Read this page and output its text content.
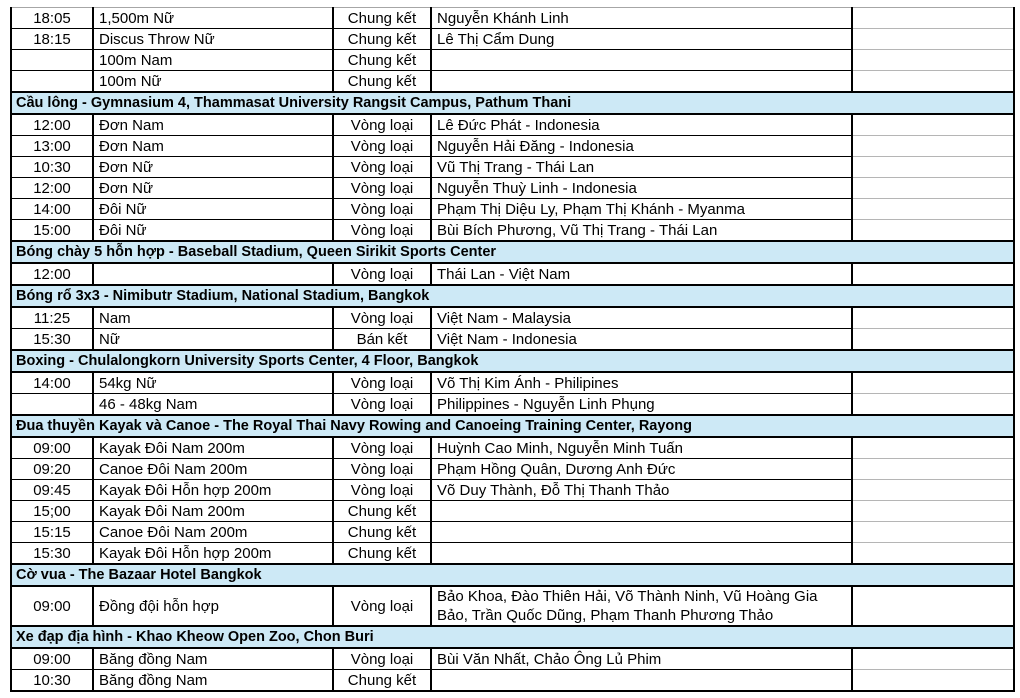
18:05	1,500m Nữ	Chung kết	Nguyễn Khánh Linh	
18:15	Discus Throw Nữ	Chung kết	Lê Thị Cẩm Dung	
	100m Nam	Chung kết		
	100m Nữ	Chung kết		
Cầu lông - Gymnasium 4, Thammasat University Rangsit Campus, Pathum Thani				
12:00	Đơn Nam	Vòng loại	Lê Đức Phát - Indonesia	
13:00	Đơn Nam	Vòng loại	Nguyễn Hải Đăng - Indonesia	
10:30	Đơn Nữ	Vòng loại	Vũ Thị Trang - Thái Lan	
12:00	Đơn Nữ	Vòng loại	Nguyễn Thuỳ Linh - Indonesia	
14:00	Đôi Nữ	Vòng loại	Phạm Thị Diệu Ly, Phạm Thị Khánh - Myanma	
15:00	Đôi Nữ	Vòng loại	Bùi Bích Phương, Vũ Thị Trang - Thái Lan	
Bóng chày 5 hỗn hợp - Baseball Stadium, Queen Sirikit Sports Center				
12:00		Vòng loại	Thái Lan - Việt Nam	
Bóng rổ 3x3 - Nimibutr Stadium, National Stadium, Bangkok				
11:25	Nam	Vòng loại	Việt Nam - Malaysia	
15:30	Nữ	Bán kết	Việt Nam - Indonesia	
Boxing - Chulalongkorn University Sports Center, 4 Floor, Bangkok				
14:00	54kg Nữ	Vòng loại	Võ Thị Kim Ánh - Philipines	
	46 - 48kg Nam	Vòng loại	Philippines - Nguyễn Linh Phụng	
Đua thuyền Kayak và Canoe - The Royal Thai Navy Rowing and Canoeing Training Center, Rayong				
09:00	Kayak Đôi Nam 200m	Vòng loại	Huỳnh Cao Minh, Nguyễn Minh Tuấn	
09:20	Canoe Đôi Nam 200m	Vòng loại	Phạm Hồng Quân, Dương Anh Đức	
09:45	Kayak Đôi Hỗn hợp 200m	Vòng loại	Võ Duy Thành, Đỗ Thị Thanh Thảo	
15;00	Kayak Đôi Nam 200m	Chung kết		
15:15	Canoe Đôi Nam 200m	Chung kết		
15:30	Kayak Đôi Hỗn hợp 200m	Chung kết		
Cờ vua - The Bazaar Hotel Bangkok				
09:00	Đồng đội hỗn hợp	Vòng loại	Bảo Khoa, Đào Thiên Hải, Võ Thành Ninh, Vũ Hoàng Gia Bảo, Trần Quốc Dũng, Phạm Thanh Phương Thảo	
Xe đạp địa hình - Khao Kheow Open Zoo, Chon Buri				
09:00	Băng đồng Nam	Vòng loại	Bùi Văn Nhất, Chảo Ông Lủ Phim	
10:30	Băng đồng Nam	Chung kết		
